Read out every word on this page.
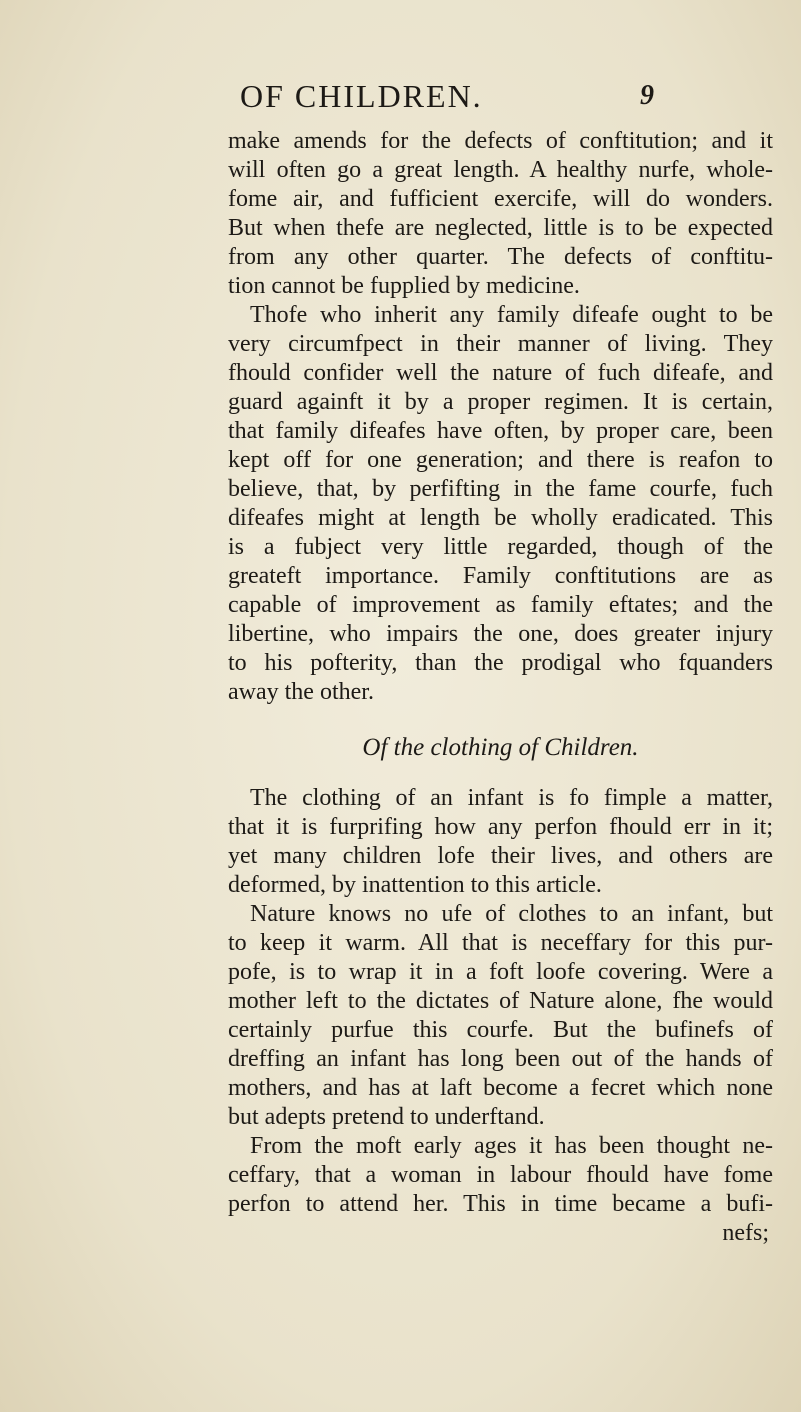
OF CHILDREN.	9
make amends for the defects of conftitution; and it
will often go a great length. A healthy nurfe, whole-
fome air, and fufficient exercife, will do wonders.
But when thefe are neglected, little is to be expected
from any other quarter. The defects of conftitu-
tion cannot be fupplied by medicine.
Thofe who inherit any family difeafe ought to be
very circumfpect in their manner of living. They
fhould confider well the nature of fuch difeafe, and
guard againft it by a proper regimen. It is certain,
that family difeafes have often, by proper care, been
kept off for one generation; and there is reafon to
believe, that, by perfifting in the fame courfe, fuch
difeafes might at length be wholly eradicated. This
is a fubject very little regarded, though of the
greateft importance. Family conftitutions are as
capable of improvement as family eftates; and the
libertine, who impairs the one, does greater injury
to his pofterity, than the prodigal who fquanders
away the other.
Of the clothing of Children.
The clothing of an infant is fo fimple a matter,
that it is furprifing how any perfon fhould err in it;
yet many children lofe their lives, and others are
deformed, by inattention to this article.
Nature knows no ufe of clothes to an infant, but
to keep it warm. All that is neceffary for this pur-
pofe, is to wrap it in a foft loofe covering. Were a
mother left to the dictates of Nature alone, fhe would
certainly purfue this courfe. But the bufinefs of
dreffing an infant has long been out of the hands of
mothers, and has at laft become a fecret which none
but adepts pretend to underftand.
From the moft early ages it has been thought ne-
ceffary, that a woman in labour fhould have fome
perfon to attend her. This in time became a bufi-
nefs;
